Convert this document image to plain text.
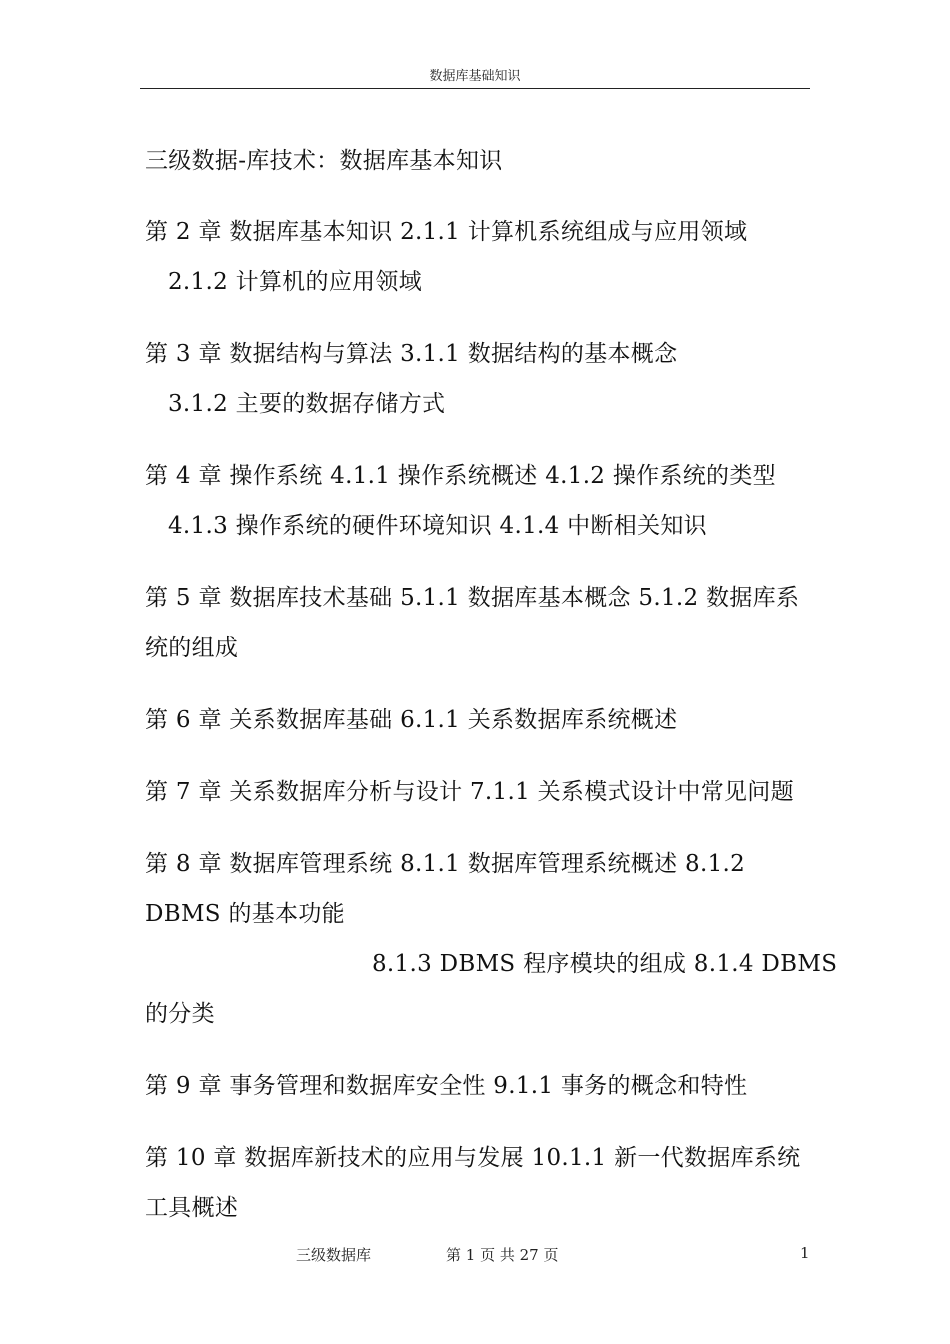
数据库基础知识
三级数据-库技术：数据库基本知识
第 2 章 数据库基本知识 2.1.1 计算机系统组成与应用领域
2.1.2 计算机的应用领域
第 3 章 数据结构与算法 3.1.1 数据结构的基本概念
3.1.2 主要的数据存储方式
第 4 章 操作系统 4.1.1 操作系统概述 4.1.2 操作系统的类型
4.1.3 操作系统的硬件环境知识 4.1.4 中断相关知识
第 5 章 数据库技术基础 5.1.1 数据库基本概念 5.1.2 数据库系
统的组成
第 6 章 关系数据库基础 6.1.1 关系数据库系统概述
第 7 章 关系数据库分析与设计 7.1.1 关系模式设计中常见问题
第 8 章 数据库管理系统 8.1.1 数据库管理系统概述 8.1.2
DBMS 的基本功能
8.1.3 DBMS 程序模块的组成 8.1.4 DBMS
的分类
第 9 章 事务管理和数据库安全性 9.1.1 事务的概念和特性
第 10 章 数据库新技术的应用与发展 10.1.1 新一代数据库系统
工具概述
三级数据库	第 1 页 共 27 页	1
